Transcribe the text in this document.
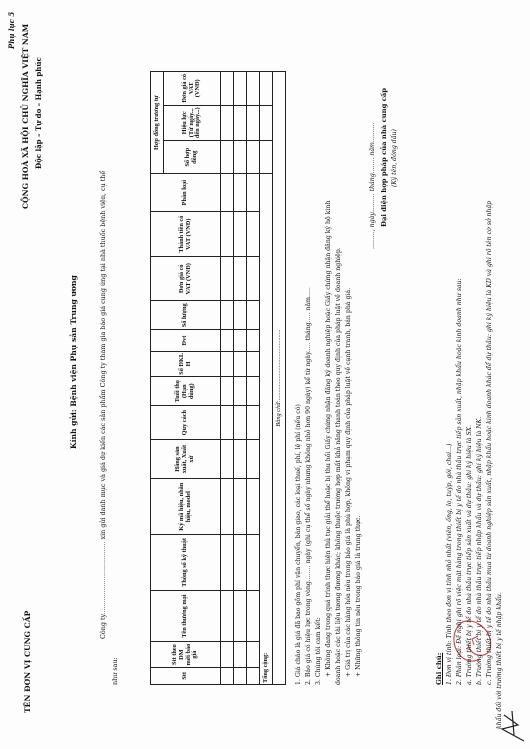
Phụ lục 5
TÊN ĐƠN VỊ CUNG CẤP
CỘNG HOÀ XÃ HỘI CHỦ NGHĨA VIỆT NAM Độc lập – Tự do – Hạnh phúc
Kính gửi: Bệnh viện Phụ sản Trung ương	Công ty.................................... xin gửi danh mục và giá dự kiến các sản phẩm Công ty tham gia báo giá cung ứng tại nhà thuốc bệnh viện, cụ thể
như sau:	Stt	Stt theo DM mời báo giá	Tên thương mại	Thông số kỹ thuật	Ký mã hiệu, nhãn hiệu, model	Hãng sản xuất, Xuất xứ	Quy cách	Tuổi thọ (Hạn dùng)	Số ĐKL H	Đvt	Số lượng	Đơn giá có VAT (VNĐ)	Thành tiền có VAT (VNĐ)	Phân loại	Hợp đồng trương tự		
														Số hợp đồng	Hiệu lực (Từ ngày... đến ngày...)	Đơn giá có VAT (VNĐ)

Tổng cộng:																
Bằng chữ:.............................................																
1. Giá chào là giá đã bao gồm phí vận chuyển, bàn giao, các loại thuế, phí, lệ phí (nếu có) 2. Báo giá có hiệu lực trong vòng........ ngày (ghi cụ thể số ngày nhưng không nhỏ hơn 90 ngày) kể từ ngày..... tháng..... năm..... 3. Chúng tôi cam kết: + Không đang trong quá trình thực hiện thủ tục giải thể hoặc bị thu hồi Giấy chứng nhận đăng ký doanh nghiệp hoặc Giấy chứng nhận đăng ký hộ kinh doanh hoặc các tài liệu tương đương khác; không thuộc trường hợp mất khả năng thanh toán theo quy định của pháp luật về doanh nghiệp. + Giá trị của các hàng hóa nêu trong báo giá là phù hợp, không vi phạm quy định của pháp luật về cạnh tranh, bán phá giá. + Những thông tin nêu trong báo giá là trung thực.
........., ngày.......... tháng........ năm.......... Đại diện hợp pháp của nhà cung cấp (Ký tên, đóng dấu)
Ghi chú: 1. Đơn vị tính: Tính theo đơn vị tính nhỏ nhất (viên, ống, lọ, tuýp, gói, chai...) 2. Phân loại: Đề nghị ghi rõ việc mặt hàng trong thiết bị y tế do nhà thầu trực tiếp sản xuất, nhập khẩu hoặc kinh doanh như sau: a. Trường thiết bị y tế do nhà thầu trực tiếp sản xuất và dự thầu: ghi ký hiệu là SX. b. Trường thiết bị y tế do nhà thầu trực tiếp nhập khẩu và dự thầu: ghi ký hiệu là NK. c. Trường thiết bị y tế do nhà thầu mua từ doanh nghiệp sản xuất, nhập khẩu hoặc kinh doanh khác để dự thầu: ghi ký hiệu là KD và ghi rõ tên cơ sở nhập khẩu đối với trường thiết bị y tế nhập khẩu.
